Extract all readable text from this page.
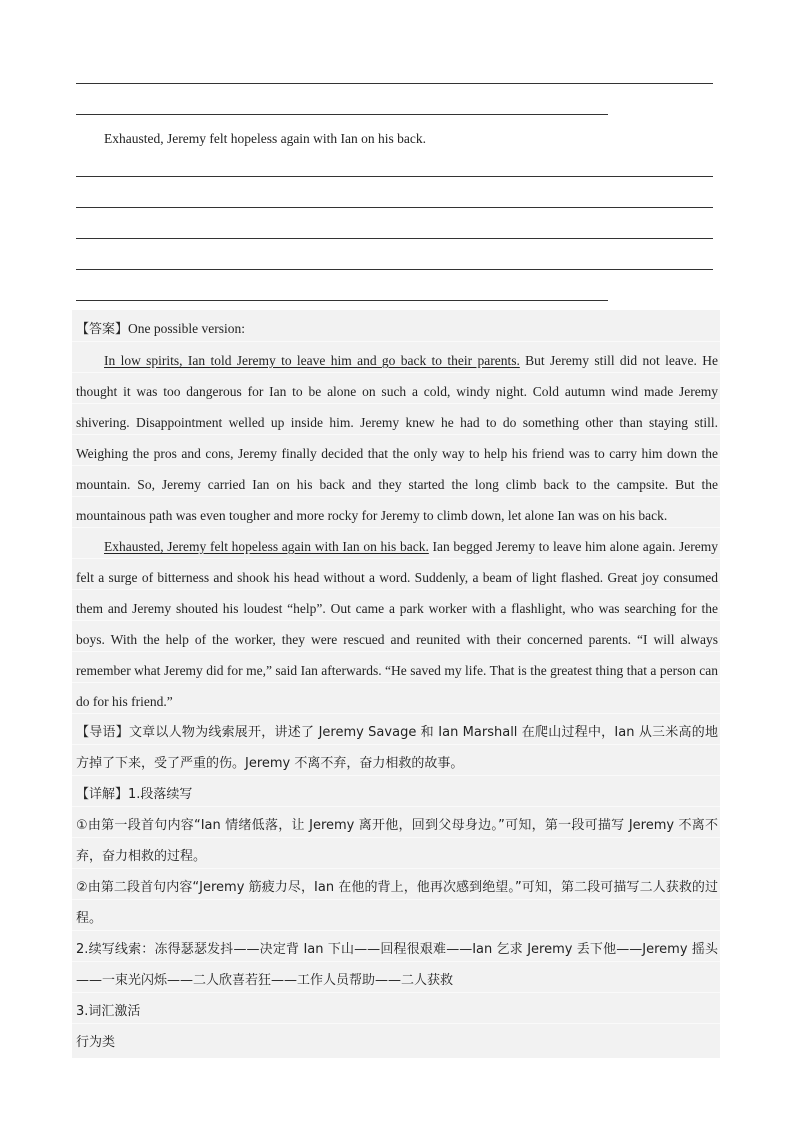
Exhausted, Jeremy felt hopeless again with Ian on his back.

【答案】One possible version:

In low spirits, Ian told Jeremy to leave him and go back to their parents. But Jeremy still did not leave. He thought it was too dangerous for Ian to be alone on such a cold, windy night. Cold autumn wind made Jeremy shivering. Disappointment welled up inside him. Jeremy knew he had to do something other than staying still. Weighing the pros and cons, Jeremy finally decided that the only way to help his friend was to carry him down the mountain. So, Jeremy carried Ian on his back and they started the long climb back to the campsite. But the mountainous path was even tougher and more rocky for Jeremy to climb down, let alone Ian was on his back.

Exhausted, Jeremy felt hopeless again with Ian on his back. Ian begged Jeremy to leave him alone again. Jeremy felt a surge of bitterness and shook his head without a word. Suddenly, a beam of light flashed. Great joy consumed them and Jeremy shouted his loudest “help”. Out came a park worker with a flashlight, who was searching for the boys. With the help of the worker, they were rescued and reunited with their concerned parents. “I will always remember what Jeremy did for me,” said Ian afterwards. “He saved my life. That is the greatest thing that a person can do for his friend.”

【导语】文章以人物为线索展开，讲述了 Jeremy Savage 和 Ian Marshall 在爬山过程中，Ian 从三米高的地方掉了下来，受了严重的伤。Jeremy 不离不弃，奋力相救的故事。

【详解】1.段落续写

①由第一段首句内容“Ian 情绪低落，让 Jeremy 离开他，回到父母身边。”可知，第一段可描写 Jeremy 不离不弃，奋力相救的过程。

②由第二段首句内容“Jeremy 筋疲力尽，Ian 在他的背上，他再次感到绝望。”可知，第二段可描写二人获救的过程。

2.续写线索：冻得瑟瑟发抖——决定背 Ian 下山——回程很艰难——Ian 乞求 Jeremy 丢下他——Jeremy 摇头——一束光闪烁——二人欣喜若狂——工作人员帮助——二人获救

3.词汇激活

行为类
